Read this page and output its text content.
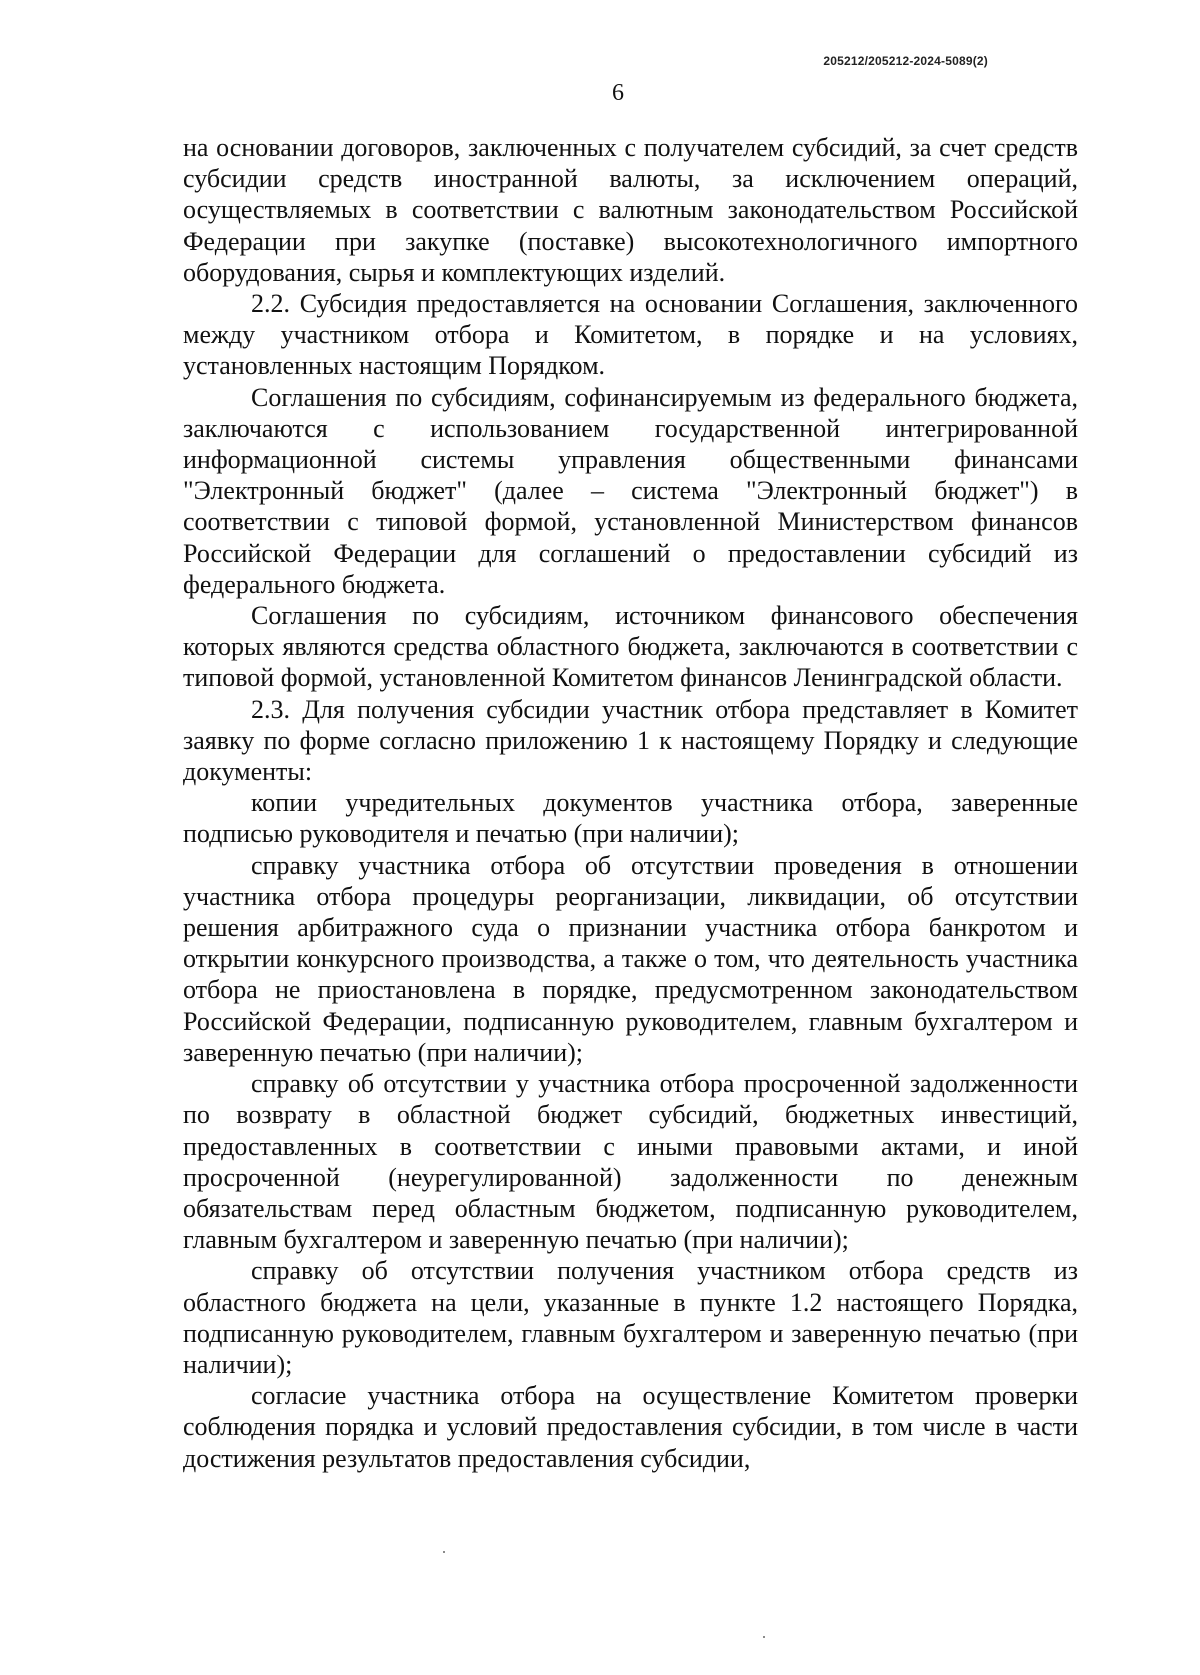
205212/205212-2024-5089(2)
6

на основании договоров, заключенных с получателем субсидий, за счет средств субсидии средств иностранной валюты, за исключением операций, осуществляемых в соответствии с валютным законодательством Российской Федерации при закупке (поставке) высокотехнологичного импортного оборудования, сырья и комплектующих изделий.

2.2. Субсидия предоставляется на основании Соглашения, заключенного между участником отбора и Комитетом, в порядке и на условиях, установленных настоящим Порядком.

Соглашения по субсидиям, софинансируемым из федерального бюджета, заключаются с использованием государственной интегрированной информационной системы управления общественными финансами "Электронный бюджет" (далее – система "Электронный бюджет") в соответствии с типовой формой, установленной Министерством финансов Российской Федерации для соглашений о предоставлении субсидий из федерального бюджета.

Соглашения по субсидиям, источником финансового обеспечения которых являются средства областного бюджета, заключаются в соответствии с типовой формой, установленной Комитетом финансов Ленинградской области.

2.3. Для получения субсидии участник отбора представляет в Комитет заявку по форме согласно приложению 1 к настоящему Порядку и следующие документы:

копии учредительных документов участника отбора, заверенные подписью руководителя и печатью (при наличии);

справку участника отбора об отсутствии проведения в отношении участника отбора процедуры реорганизации, ликвидации, об отсутствии решения арбитражного суда о признании участника отбора банкротом и открытии конкурсного производства, а также о том, что деятельность участника отбора не приостановлена в порядке, предусмотренном законодательством Российской Федерации, подписанную руководителем, главным бухгалтером и заверенную печатью (при наличии);

справку об отсутствии у участника отбора просроченной задолженности по возврату в областной бюджет субсидий, бюджетных инвестиций, предоставленных в соответствии с иными правовыми актами, и иной просроченной (неурегулированной) задолженности по денежным обязательствам перед областным бюджетом, подписанную руководителем, главным бухгалтером и заверенную печатью (при наличии);

справку об отсутствии получения участником отбора средств из областного бюджета на цели, указанные в пункте 1.2 настоящего Порядка, подписанную руководителем, главным бухгалтером и заверенную печатью (при наличии);

согласие участника отбора на осуществление Комитетом проверки соблюдения порядка и условий предоставления субсидии, в том числе в части достижения результатов предоставления субсидии,
